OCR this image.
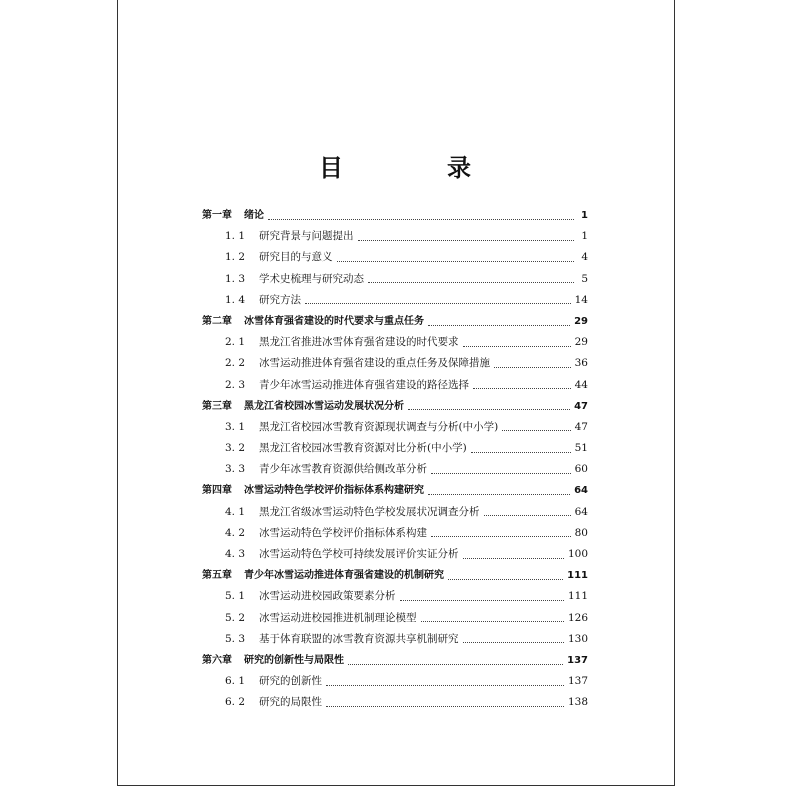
目　录
第一章 绪论	1
1. 1	研究背景与问题提出	1
1. 2	研究目的与意义	4
1. 3	学术史梳理与研究动态	5
1. 4	研究方法	14
第二章 冰雪体育强省建设的时代要求与重点任务	29
2. 1	黑龙江省推进冰雪体育强省建设的时代要求	29
2. 2	冰雪运动推进体育强省建设的重点任务及保障措施	36
2. 3	青少年冰雪运动推进体育强省建设的路径选择	44
第三章 黑龙江省校园冰雪运动发展状况分析	47
3. 1	黑龙江省校园冰雪教育资源现状调查与分析(中小学)	47
3. 2	黑龙江省校园冰雪教育资源对比分析(中小学)	51
3. 3	青少年冰雪教育资源供给侧改革分析	60
第四章 冰雪运动特色学校评价指标体系构建研究	64
4. 1	黑龙江省级冰雪运动特色学校发展状况调查分析	64
4. 2	冰雪运动特色学校评价指标体系构建	80
4. 3	冰雪运动特色学校可持续发展评价实证分析	100
第五章 青少年冰雪运动推进体育强省建设的机制研究	111
5. 1	冰雪运动进校园政策要素分析	111
5. 2	冰雪运动进校园推进机制理论模型	126
5. 3	基于体育联盟的冰雪教育资源共享机制研究	130
第六章 研究的创新性与局限性	137
6. 1	研究的创新性	137
6. 2	研究的局限性	138
